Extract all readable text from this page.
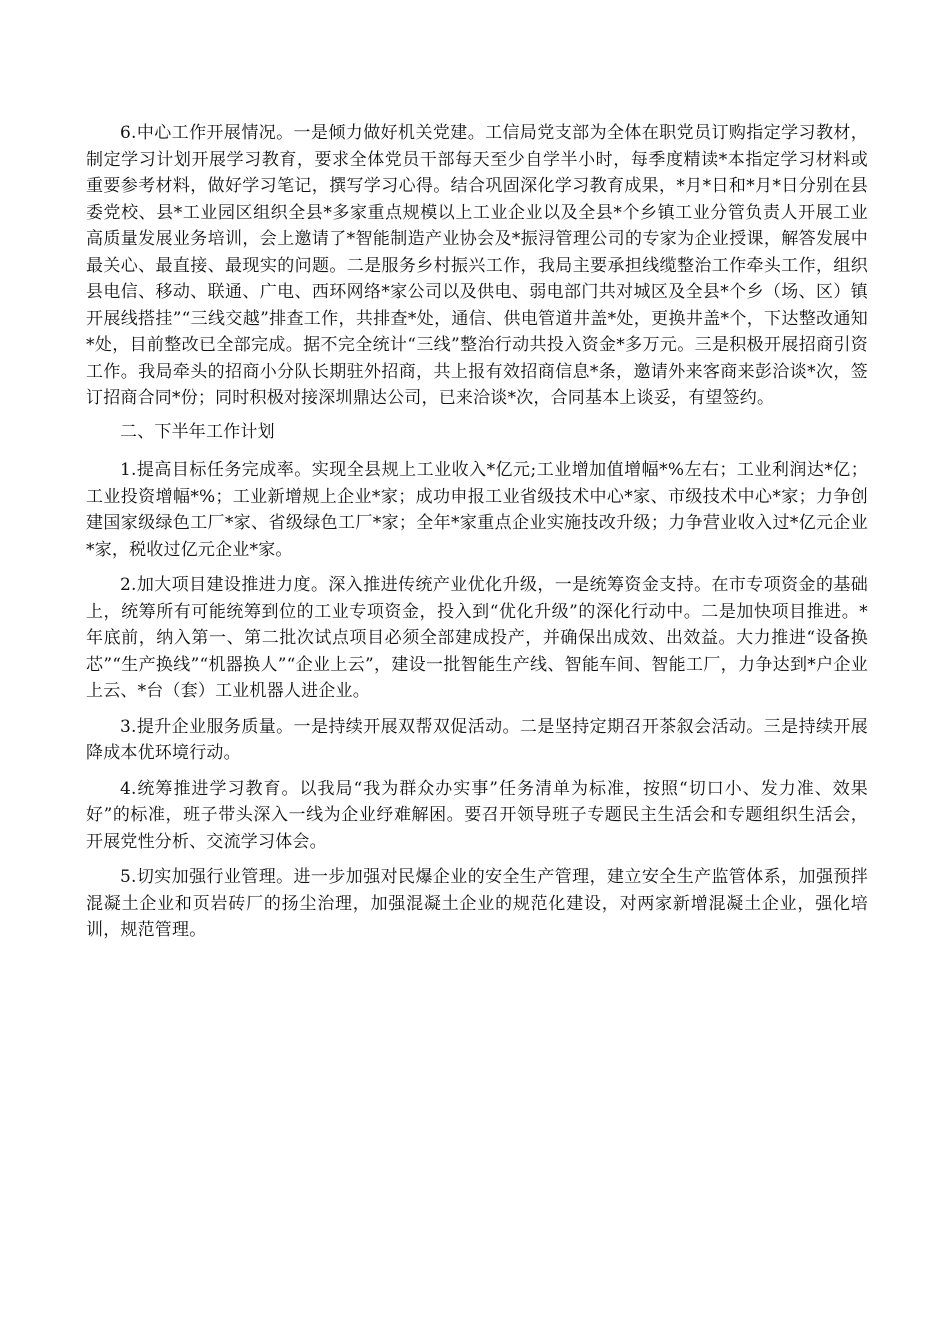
6.中心工作开展情况。一是倾力做好机关党建。工信局党支部为全体在职党员订购指定学习教材，制定学习计划开展学习教育，要求全体党员干部每天至少自学半小时，每季度精读*本指定学习材料或重要参考材料，做好学习笔记，撰写学习心得。结合巩固深化学习教育成果，*月*日和*月*日分别在县委党校、县*工业园区组织全县*多家重点规模以上工业企业以及全县*个乡镇工业分管负责人开展工业高质量发展业务培训，会上邀请了*智能制造产业协会及*振浔管理公司的专家为企业授课，解答发展中最关心、最直接、最现实的问题。二是服务乡村振兴工作，我局主要承担线缆整治工作牵头工作，组织县电信、移动、联通、广电、西环网络*家公司以及供电、弱电部门共对城区及全县*个乡（场、区）镇开展线搭挂”“三线交越”排查工作，共排查*处，通信、供电管道井盖*处，更换井盖*个，下达整改通知*处，目前整改已全部完成。据不完全统计“三线”整治行动共投入资金*多万元。三是积极开展招商引资工作。我局牵头的招商小分队长期驻外招商，共上报有效招商信息*条，邀请外来客商来彭洽谈*次，签订招商合同*份；同时积极对接深圳鼎达公司，已来洽谈*次，合同基本上谈妥，有望签约。

二、下半年工作计划

1.提高目标任务完成率。实现全县规上工业收入*亿元;工业增加值增幅*%左右；工业利润达*亿；工业投资增幅*%；工业新增规上企业*家；成功申报工业省级技术中心*家、市级技术中心*家；力争创建国家级绿色工厂*家、省级绿色工厂*家；全年*家重点企业实施技改升级；力争营业收入过*亿元企业*家，税收过亿元企业*家。

2.加大项目建设推进力度。深入推进传统产业优化升级，一是统筹资金支持。在市专项资金的基础上，统筹所有可能统筹到位的工业专项资金，投入到“优化升级”的深化行动中。二是加快项目推进。*年底前，纳入第一、第二批次试点项目必须全部建成投产，并确保出成效、出效益。大力推进“设备换芯”“生产换线”“机器换人”“企业上云”，建设一批智能生产线、智能车间、智能工厂，力争达到*户企业上云、*台（套）工业机器人进企业。

3.提升企业服务质量。一是持续开展双帮双促活动。二是坚持定期召开茶叙会活动。三是持续开展降成本优环境行动。

4.统筹推进学习教育。以我局“我为群众办实事”任务清单为标准，按照“切口小、发力准、效果好”的标准，班子带头深入一线为企业纾难解困。要召开领导班子专题民主生活会和专题组织生活会，开展党性分析、交流学习体会。

5.切实加强行业管理。进一步加强对民爆企业的安全生产管理，建立安全生产监管体系，加强预拌混凝土企业和页岩砖厂的扬尘治理，加强混凝土企业的规范化建设，对两家新增混凝土企业，强化培训，规范管理。
